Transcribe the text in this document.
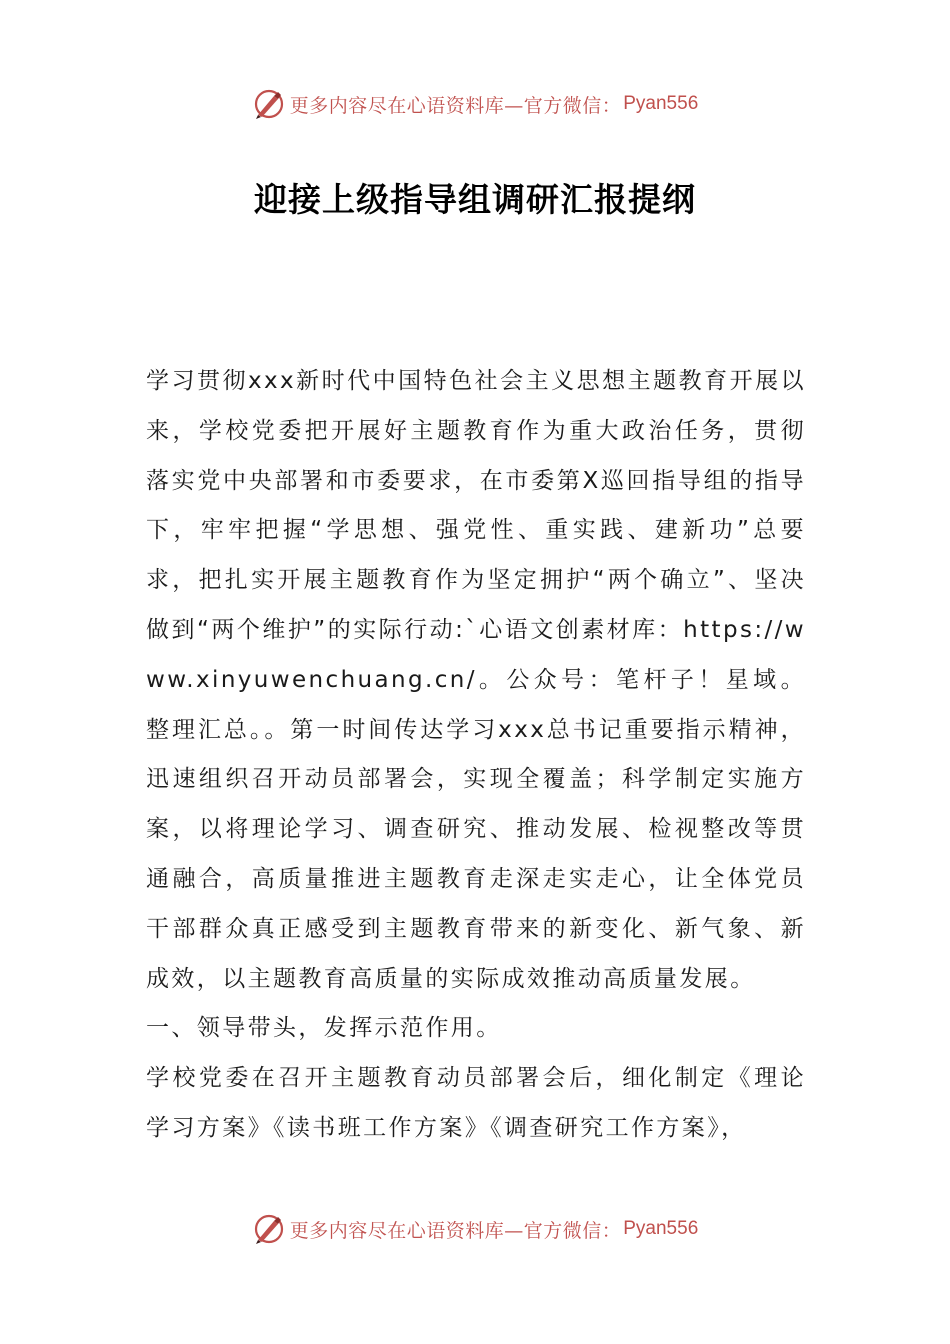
更多内容尽在心语资料库—官方微信： Pyan556
迎接上级指导组调研汇报提纲

学习贯彻xxx新时代中国特色社会主义思想主题教育开展以来，学校党委把开展好主题教育作为重大政治任务，贯彻落实党中央部署和市委要求，在市委第X巡回指导组的指导下，牢牢把握“学思想、强党性、重实践、建新功”总要求，把扎实开展主题教育作为坚定拥护“两个确立”、坚决做到“两个维护”的实际行动:`心语文创素材库：https://www.xinyuwenchuang.cn/。公众号：笔杆子！星域。整理汇总。。第一时间传达学习xxx总书记重要指示精神，迅速组织召开动员部署会，实现全覆盖；科学制定实施方案，以将理论学习、调查研究、推动发展、检视整改等贯通融合，高质量推进主题教育走深走实走心，让全体党员干部群众真正感受到主题教育带来的新变化、新气象、新成效，以主题教育高质量的实际成效推动高质量发展。

一、领导带头，发挥示范作用。

学校党委在召开主题教育动员部署会后，细化制定《理论学习方案》《读书班工作方案》《调查研究工作方案》，

更多内容尽在心语资料库—官方微信： Pyan556
